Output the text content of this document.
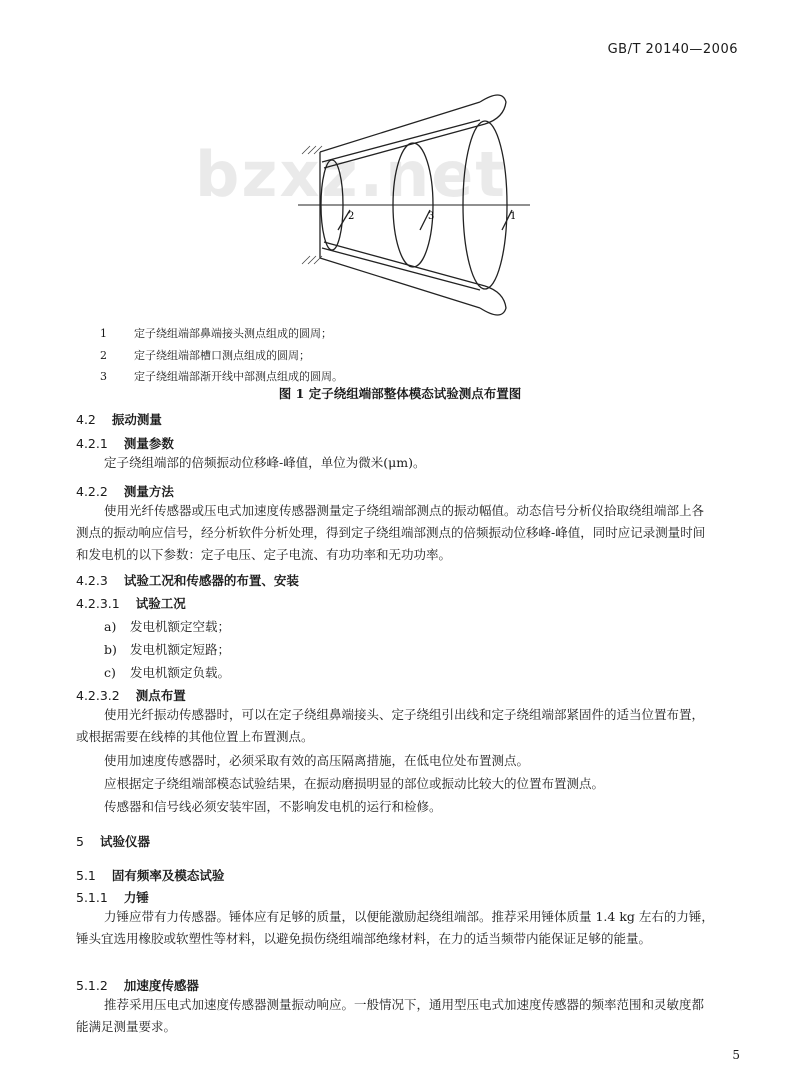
GB/T 20140—2006
2	3	1
bzxz.net
1 定子绕组端部鼻端接头测点组成的圆周；
2 定子绕组端部槽口测点组成的圆周；
3 定子绕组端部渐开线中部测点组成的圆周。
图 1 定子绕组端部整体模态试验测点布置图
4.2 振动测量
4.2.1 测量参数
定子绕组端部的倍频振动位移峰-峰值，单位为微米(μm)。
4.2.2 测量方法
使用光纤传感器或压电式加速度传感器测量定子绕组端部测点的振动幅值。动态信号分析仪拾取绕组端部上各测点的振动响应信号，经分析软件分析处理，得到定子绕组端部测点的倍频振动位移峰-峰值，同时应记录测量时间和发电机的以下参数：定子电压、定子电流、有功功率和无功功率。
4.2.3 试验工况和传感器的布置、安装
4.2.3.1 试验工况
a) 发电机额定空载；
b) 发电机额定短路；
c) 发电机额定负载。
4.2.3.2 测点布置
使用光纤振动传感器时，可以在定子绕组鼻端接头、定子绕组引出线和定子绕组端部紧固件的适当位置布置，或根据需要在线棒的其他位置上布置测点。
使用加速度传感器时，必须采取有效的高压隔离措施，在低电位处布置测点。
应根据定子绕组端部模态试验结果，在振动磨损明显的部位或振动比较大的位置布置测点。
传感器和信号线必须安装牢固，不影响发电机的运行和检修。
5 试验仪器
5.1 固有频率及模态试验
5.1.1 力锤
力锤应带有力传感器。锤体应有足够的质量，以便能激励起绕组端部。推荐采用锤体质量 1.4 kg 左右的力锤，锤头宜选用橡胶或软塑性等材料，以避免损伤绕组端部绝缘材料，在力的适当频带内能保证足够的能量。
5.1.2 加速度传感器
推荐采用压电式加速度传感器测量振动响应。一般情况下，通用型压电式加速度传感器的频率范围和灵敏度都能满足测量要求。
5
